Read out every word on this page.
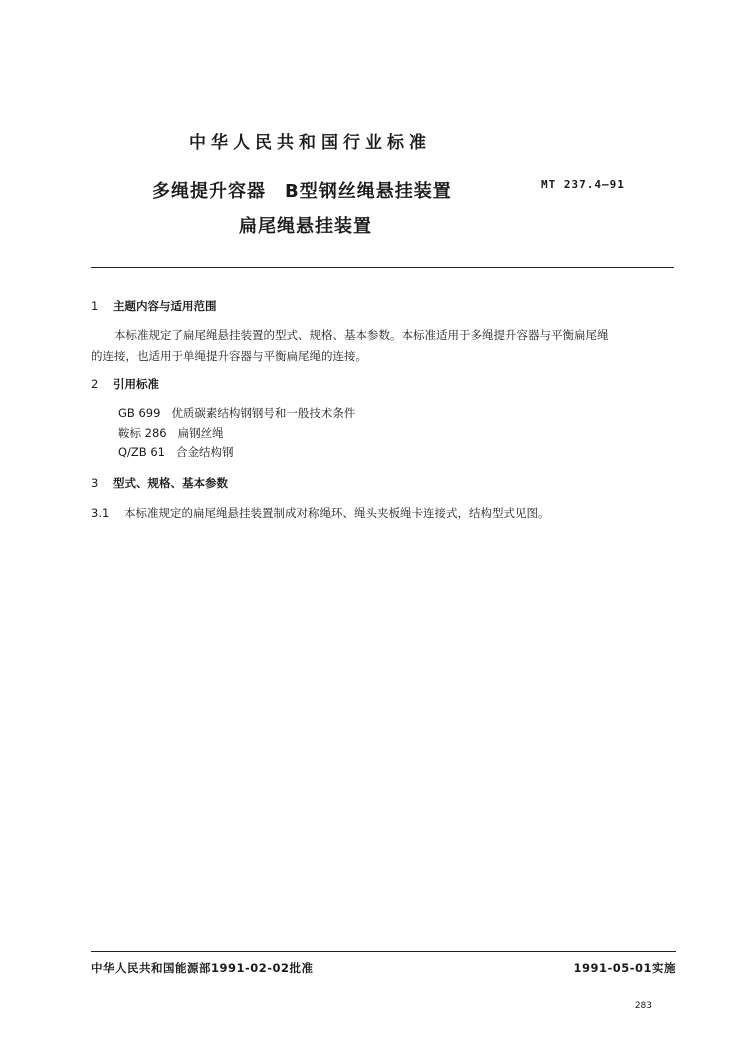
中华人民共和国行业标准
多绳提升容器　B型钢丝绳悬挂装置
扁尾绳悬挂装置
MT 237.4—91
1 主题内容与适用范围
本标准规定了扁尾绳悬挂装置的型式、规格、基本参数。本标准适用于多绳提升容器与平衡扁尾绳
的连接，也适用于单绳提升容器与平衡扁尾绳的连接。
2 引用标准
GB 699 优质碳素结构钢钢号和一般技术条件
鞍标 286 扁钢丝绳
Q/ZB 61 合金结构钢
3 型式、规格、基本参数
3.1 本标准规定的扁尾绳悬挂装置制成对称绳环、绳头夹板绳卡连接式，结构型式见图。
中华人民共和国能源部1991-02-02批准	1991-05-01实施
283
